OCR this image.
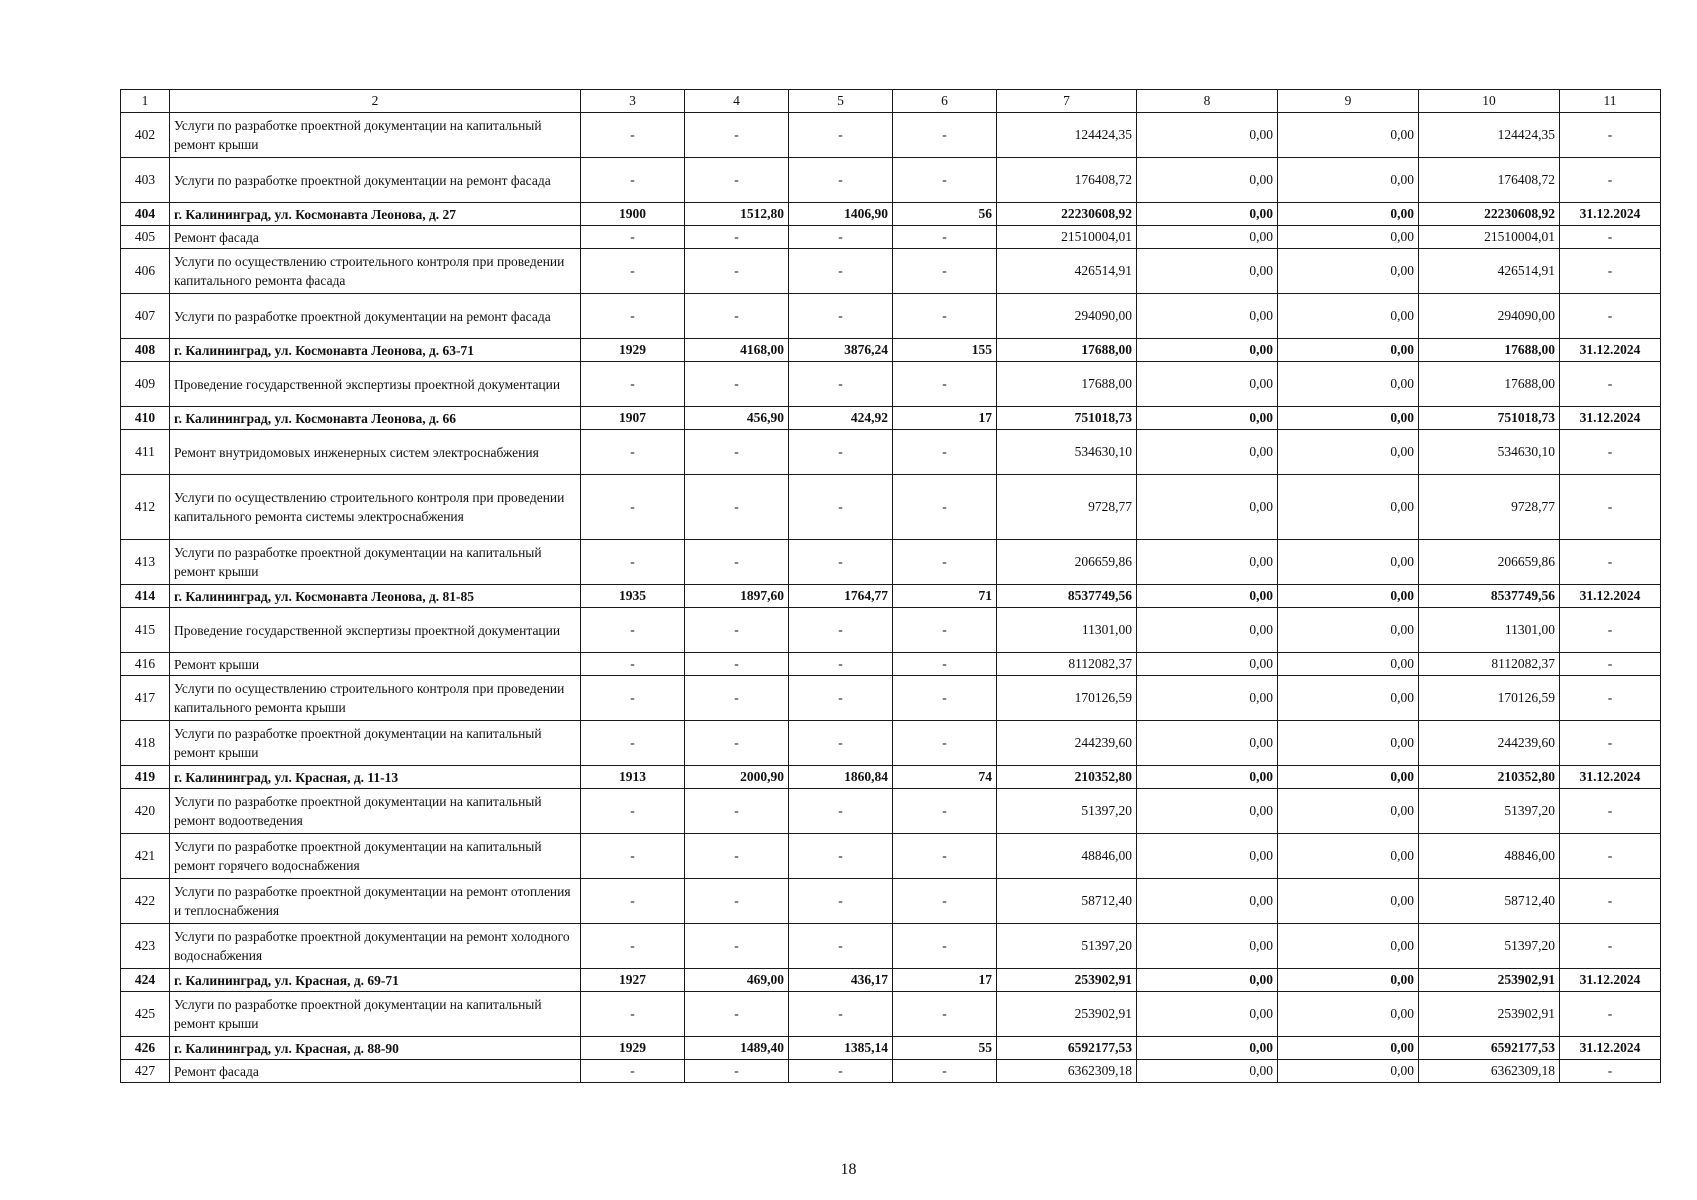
1	2	3	4	5	6	7	8	9	10	11
402	Услуги по разработке проектной документации на капитальный ремонт крыши	-	-	-	-	124424,35	0,00	0,00	124424,35	-
403	Услуги по разработке проектной документации на ремонт фасада	-	-	-	-	176408,72	0,00	0,00	176408,72	-
404	г. Калининград, ул. Космонавта Леонова, д. 27	1900	1512,80	1406,90	56	22230608,92	0,00	0,00	22230608,92	31.12.2024
405	Ремонт фасада	-	-	-	-	21510004,01	0,00	0,00	21510004,01	-
406	Услуги по осуществлению строительного контроля при проведении капитального ремонта фасада	-	-	-	-	426514,91	0,00	0,00	426514,91	-
407	Услуги по разработке проектной документации на ремонт фасада	-	-	-	-	294090,00	0,00	0,00	294090,00	-
408	г. Калининград, ул. Космонавта Леонова, д. 63-71	1929	4168,00	3876,24	155	17688,00	0,00	0,00	17688,00	31.12.2024
409	Проведение государственной экспертизы проектной документации	-	-	-	-	17688,00	0,00	0,00	17688,00	-
410	г. Калининград, ул. Космонавта Леонова, д. 66	1907	456,90	424,92	17	751018,73	0,00	0,00	751018,73	31.12.2024
411	Ремонт внутридомовых инженерных систем электроснабжения	-	-	-	-	534630,10	0,00	0,00	534630,10	-
412	Услуги по осуществлению строительного контроля при проведении капитального ремонта системы электроснабжения	-	-	-	-	9728,77	0,00	0,00	9728,77	-
413	Услуги по разработке проектной документации на капитальный ремонт крыши	-	-	-	-	206659,86	0,00	0,00	206659,86	-
414	г. Калининград, ул. Космонавта Леонова, д. 81-85	1935	1897,60	1764,77	71	8537749,56	0,00	0,00	8537749,56	31.12.2024
415	Проведение государственной экспертизы проектной документации	-	-	-	-	11301,00	0,00	0,00	11301,00	-
416	Ремонт крыши	-	-	-	-	8112082,37	0,00	0,00	8112082,37	-
417	Услуги по осуществлению строительного контроля при проведении капитального ремонта крыши	-	-	-	-	170126,59	0,00	0,00	170126,59	-
418	Услуги по разработке проектной документации на капитальный ремонт крыши	-	-	-	-	244239,60	0,00	0,00	244239,60	-
419	г. Калининград, ул. Красная, д. 11-13	1913	2000,90	1860,84	74	210352,80	0,00	0,00	210352,80	31.12.2024
420	Услуги по разработке проектной документации на капитальный ремонт водоотведения	-	-	-	-	51397,20	0,00	0,00	51397,20	-
421	Услуги по разработке проектной документации на капитальный ремонт горячего водоснабжения	-	-	-	-	48846,00	0,00	0,00	48846,00	-
422	Услуги по разработке проектной документации на ремонт отопления и теплоснабжения	-	-	-	-	58712,40	0,00	0,00	58712,40	-
423	Услуги по разработке проектной документации на ремонт холодного водоснабжения	-	-	-	-	51397,20	0,00	0,00	51397,20	-
424	г. Калининград, ул. Красная, д. 69-71	1927	469,00	436,17	17	253902,91	0,00	0,00	253902,91	31.12.2024
425	Услуги по разработке проектной документации на капитальный ремонт крыши	-	-	-	-	253902,91	0,00	0,00	253902,91	-
426	г. Калининград, ул. Красная, д. 88-90	1929	1489,40	1385,14	55	6592177,53	0,00	0,00	6592177,53	31.12.2024
427	Ремонт фасада	-	-	-	-	6362309,18	0,00	0,00	6362309,18	-
18
